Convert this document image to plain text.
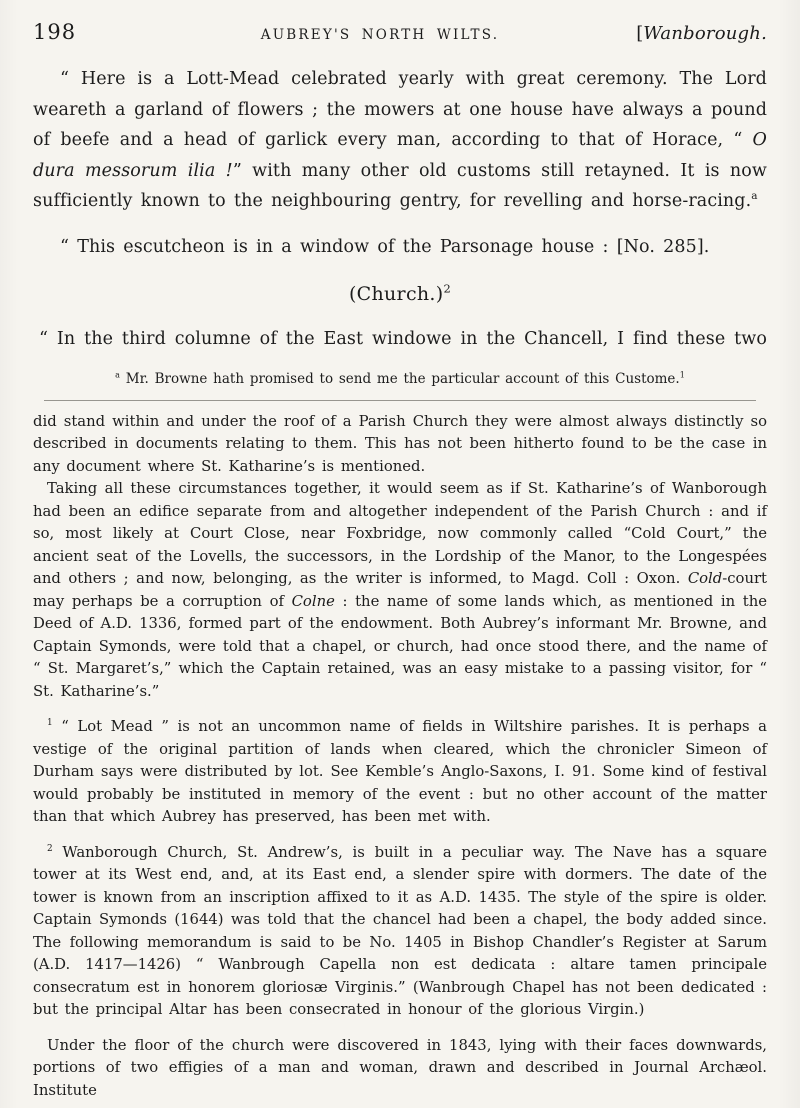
198	AUBREY'S NORTH WILTS.	[Wanborough.

“ Here is a Lott-Mead celebrated yearly with great ceremony. The Lord weareth a garland of flowers ; the mowers at one house have always a pound of beefe and a head of garlick every man, according to that of Horace, “ O dura messorum ilia !” with many other old customs still retayned. It is now sufficiently known to the neighbouring gentry, for revelling and horse-racing.$^a$

“ This escutcheon is in a window of the Parsonage house : [No. 285].

(Church.)$^2$

“ In the third columne of the East windowe in the Chancell, I find these two

$^a$ Mr. Browne hath promised to send me the particular account of this Custome.$^1$

did stand within and under the roof of a Parish Church they were almost always distinctly so described in documents relating to them. This has not been hitherto found to be the case in any document where St. Katharine’s is mentioned.

Taking all these circumstances together, it would seem as if St. Katharine’s of Wanborough had been an edifice separate from and altogether independent of the Parish Church : and if so, most likely at Court Close, near Foxbridge, now commonly called “Cold Court,” the ancient seat of the Lovells, the successors, in the Lordship of the Manor, to the Longespées and others ; and now, belonging, as the writer is informed, to Magd. Coll : Oxon. Cold-court may perhaps be a corruption of Colne : the name of some lands which, as mentioned in the Deed of A.D. 1336, formed part of the endowment. Both Aubrey’s informant Mr. Browne, and Captain Symonds, were told that a chapel, or church, had once stood there, and the name of “ St. Margaret’s,” which the Captain retained, was an easy mistake to a passing visitor, for “ St. Katharine’s.”

$^1$ “ Lot Mead ” is not an uncommon name of fields in Wiltshire parishes. It is perhaps a vestige of the original partition of lands when cleared, which the chronicler Simeon of Durham says were distributed by lot. See Kemble’s Anglo-Saxons, I. 91. Some kind of festival would probably be instituted in memory of the event : but no other account of the matter than that which Aubrey has preserved, has been met with.

$^2$ Wanborough Church, St. Andrew’s, is built in a peculiar way. The Nave has a square tower at its West end, and, at its East end, a slender spire with dormers. The date of the tower is known from an inscription affixed to it as A.D. 1435. The style of the spire is older. Captain Symonds (1644) was told that the chancel had been a chapel, the body added since. The following memorandum is said to be No. 1405 in Bishop Chandler’s Register at Sarum (A.D. 1417—1426) “ Wanbrough Capella non est dedicata : altare tamen principale consecratum est in honorem gloriosæ Virginis.” (Wanbrough Chapel has not been dedicated : but the principal Altar has been consecrated in honour of the glorious Virgin.)

Under the floor of the church were discovered in 1843, lying with their faces downwards, portions of two effigies of a man and woman, drawn and described in Journal Archæol. Institute
